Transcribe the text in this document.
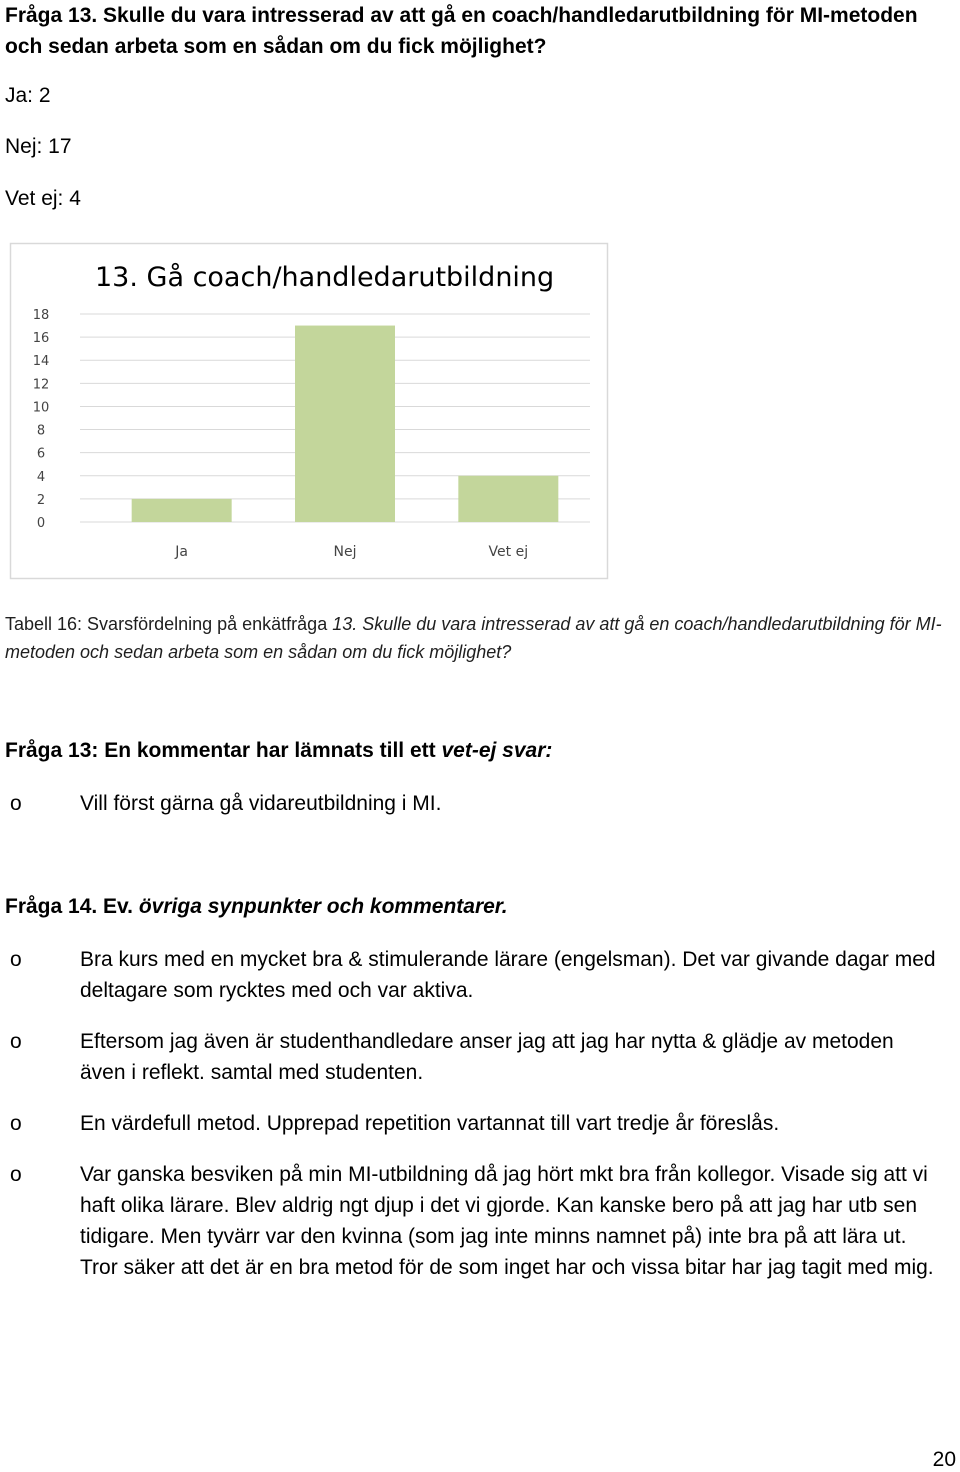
Fråga 13. Skulle du vara intresserad av att gå en coach/handledarutbildning för MI-metoden och sedan arbeta som en sådan om du fick möjlighet?
Ja: 2
Nej: 17
Vet ej: 4
13. Gå coach/handledarutbildning
18
16
14
12
10
8
6
4
2
0
Ja	Nej	Vet ej
Tabell 16: Svarsfördelning på enkätfråga 13. Skulle du vara intresserad av att gå en coach/handledarutbildning för MI-metoden och sedan arbeta som en sådan om du fick möjlighet?
Fråga 13: En kommentar har lämnats till ett vet-ej svar:
o	Vill först gärna gå vidareutbildning i MI.
Fråga 14. Ev. övriga synpunkter och kommentarer.
o	Bra kurs med en mycket bra & stimulerande lärare (engelsman). Det var givande dagar med deltagare som rycktes med och var aktiva.
o	Eftersom jag även är studenthandledare anser jag att jag har nytta & glädje av metoden även i reflekt. samtal med studenten.
o	En värdefull metod. Upprepad repetition vartannat till vart tredje år föreslås.
o	Var ganska besviken på min MI-utbildning då jag hört mkt bra från kollegor. Visade sig att vi haft olika lärare. Blev aldrig ngt djup i det vi gjorde. Kan kanske bero på att jag har utb sen tidigare. Men tyvärr var den kvinna (som jag inte minns namnet på) inte bra på att lära ut. Tror säker att det är en bra metod för de som inget har och vissa bitar har jag tagit med mig.
20
